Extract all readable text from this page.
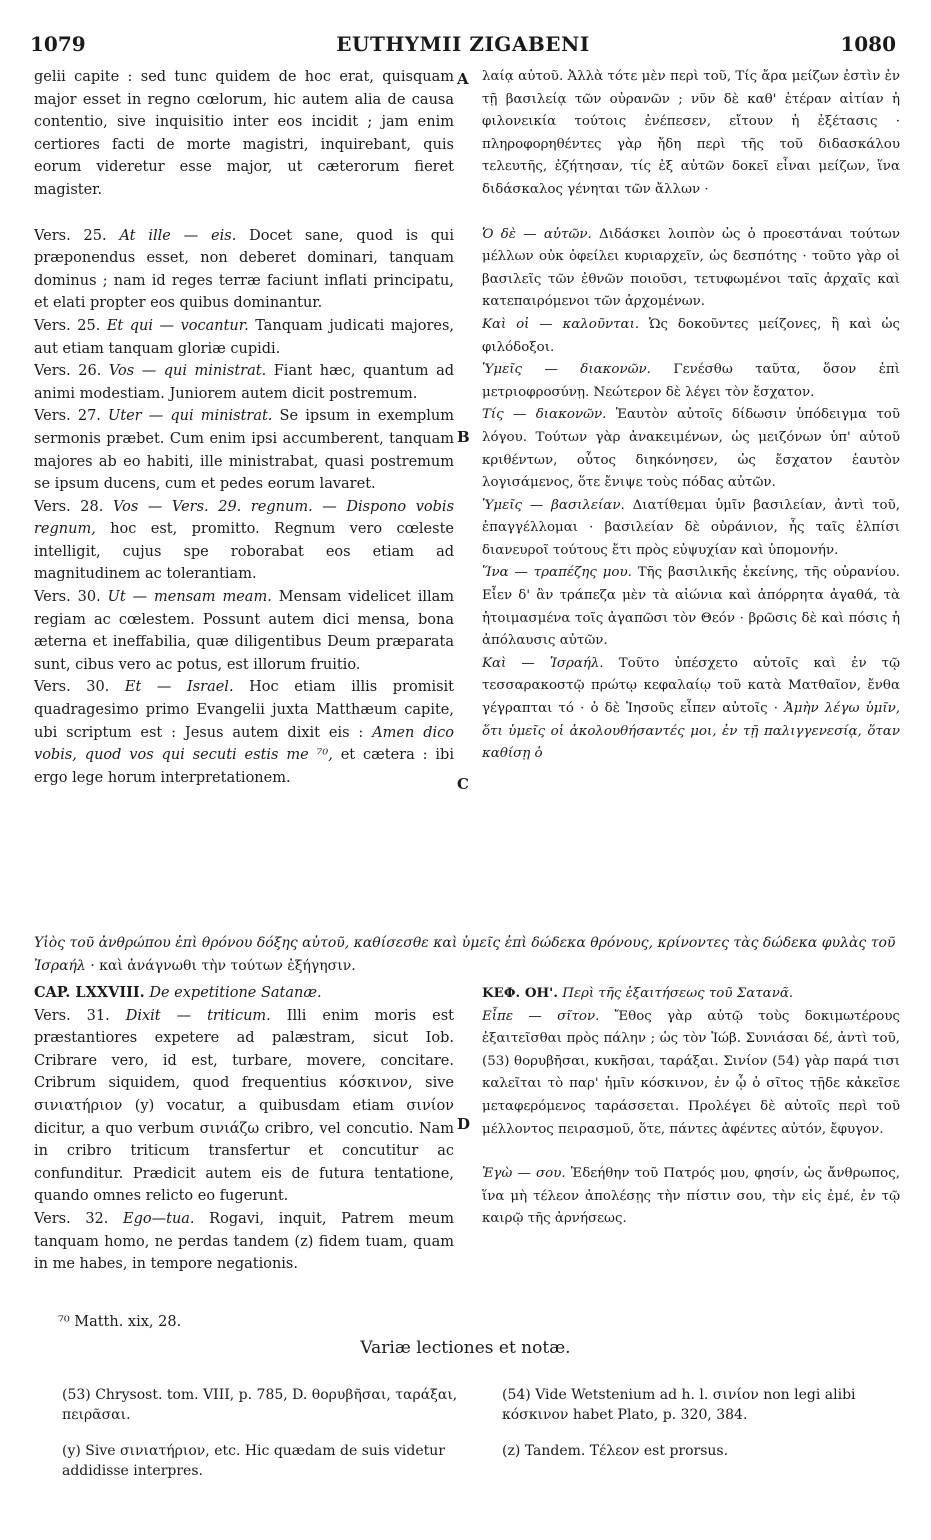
1079	EUTHYMII ZIGABENI	1080
A
B
C
D

gelii capite : sed tunc quidem de hoc erat, quisquam major esset in regno cœlorum, hic autem alia de causa contentio, sive inquisitio inter eos incidit ; jam enim certiores facti de morte magistri, inquirebant, quis eorum videretur esse major, ut cæterorum fieret magister.

Vers. 25. At ille — eis. Docet sane, quod is qui præponendus esset, non deberet dominari, tanquam dominus ; nam id reges terræ faciunt inflati principatu, et elati propter eos quibus dominantur.

Vers. 25. Et qui — vocantur. Tanquam judicati majores, aut etiam tanquam gloriæ cupidi.

Vers. 26. Vos — qui ministrat. Fiant hæc, quantum ad animi modestiam. Juniorem autem dicit postremum.

Vers. 27. Uter — qui ministrat. Se ipsum in exemplum sermonis præbet. Cum enim ipsi accumberent, tanquam majores ab eo habiti, ille ministrabat, quasi postremum se ipsum ducens, cum et pedes eorum lavaret.

Vers. 28. Vos — Vers. 29. regnum. — Dispono vobis regnum, hoc est, promitto. Regnum vero cœleste intelligit, cujus spe roborabat eos etiam ad magnitudinem ac tolerantiam.

Vers. 30. Ut — mensam meam. Mensam videlicet illam regiam ac cœlestem. Possunt autem dici mensa, bona æterna et ineffabilia, quæ diligentibus Deum præparata sunt, cibus vero ac potus, est illorum fruitio.

Vers. 30. Et — Israel. Hoc etiam illis promisit quadragesimo primo Evangelii juxta Matthæum capite, ubi scriptum est : Jesus autem dixit eis : Amen dico vobis, quod vos qui secuti estis me ⁷⁰, et cætera : ibi ergo lege horum interpretationem.

λαίᾳ αὐτοῦ. Ἀλλὰ τότε μὲν περὶ τοῦ, Τίς ἄρα μείζων ἐστὶν ἐν τῇ βασιλείᾳ τῶν οὐρανῶν ; νῦν δὲ καθ' ἑτέραν αἰτίαν ἡ φιλονεικία τούτοις ἐνέπεσεν, εἴτουν ἡ ἐξέτασις · πληροφορηθέντες γὰρ ἤδη περὶ τῆς τοῦ διδασκάλου τελευτῆς, ἐζήτησαν, τίς ἐξ αὐτῶν δοκεῖ εἶναι μείζων, ἵνα διδάσκαλος γένηται τῶν ἄλλων ·

Ὁ δὲ — αὐτῶν. Διδάσκει λοιπὸν ὡς ὁ προεστάναι τούτων μέλλων οὐκ ὀφείλει κυριαρχεῖν, ὡς δεσπότης · τοῦτο γὰρ οἱ βασιλεῖς τῶν ἐθνῶν ποιοῦσι, τετυφωμένοι ταῖς ἀρχαῖς καὶ κατεπαιρόμενοι τῶν ἀρχομένων.

Καὶ οἱ — καλοῦνται. Ὡς δοκοῦντες μείζονες, ἢ καὶ ὡς φιλόδοξοι.

Ὑμεῖς — διακονῶν. Γενέσθω ταῦτα, ὅσον ἐπὶ μετριοφροσύνῃ. Νεώτερον δὲ λέγει τὸν ἔσχατον.

Τίς — διακονῶν. Ἑαυτὸν αὐτοῖς δίδωσιν ὑπόδειγμα τοῦ λόγου. Τούτων γὰρ ἀνακειμένων, ὡς μειζόνων ὑπ' αὐτοῦ κριθέντων, οὗτος διηκόνησεν, ὡς ἔσχατον ἑαυτὸν λογισάμενος, ὅτε ἔνιψε τοὺς πόδας αὐτῶν.

Ὑμεῖς — βασιλείαν. Διατίθεμαι ὑμῖν βασιλείαν, ἀντὶ τοῦ, ἐπαγγέλλομαι · βασιλείαν δὲ οὐράνιον, ἧς ταῖς ἐλπίσι διανευροῖ τούτους ἔτι πρὸς εὐψυχίαν καὶ ὑπομονήν.

Ἵνα — τραπέζης μου. Τῆς βασιλικῆς ἐκείνης, τῆς οὐρανίου. Εἶεν δ' ἂν τράπεζα μὲν τὰ αἰώνια καὶ ἀπόρρητα ἀγαθά, τὰ ἡτοιμασμένα τοῖς ἀγαπῶσι τὸν Θεόν · βρῶσις δὲ καὶ πόσις ἡ ἀπόλαυσις αὐτῶν.

Καὶ — Ἰσραήλ. Τοῦτο ὑπέσχετο αὐτοῖς καὶ ἐν τῷ τεσσαρακοστῷ πρώτῳ κεφαλαίῳ τοῦ κατὰ Ματθαῖον, ἔνθα γέγραπται τό · ὁ δὲ Ἰησοῦς εἶπεν αὐτοῖς · Ἀμὴν λέγω ὑμῖν, ὅτι ὑμεῖς οἱ ἀκολουθήσαντές μοι, ἐν τῇ παλιγγενεσίᾳ, ὅταν καθίσῃ ὁ

Υἱὸς τοῦ ἀνθρώπου ἐπὶ θρόνου δόξης αὐτοῦ, καθίσεσθε καὶ ὑμεῖς ἐπὶ δώδεκα θρόνους, κρίνοντες τὰς δώδεκα φυλὰς τοῦ Ἰσραήλ · καὶ ἀνάγνωθι τὴν τούτων ἐξήγησιν.

CAP. LXXVIII. De expetitione Satanæ.

Vers. 31. Dixit — triticum. Illi enim moris est præstantiores expetere ad palæstram, sicut Iob. Cribrare vero, id est, turbare, movere, concitare. Cribrum siquidem, quod frequentius κόσκινον, sive σινιατήριον (y) vocatur, a quibusdam etiam σινίον dicitur, a quo verbum σινιάζω cribro, vel concutio. Nam in cribro triticum transfertur et concutitur ac confunditur. Prædicit autem eis de futura tentatione, quando omnes relicto eo fugerunt.

Vers. 32. Ego—tua. Rogavi, inquit, Patrem meum tanquam homo, ne perdas tandem (z) fidem tuam, quam in me habes, in tempore negationis.

ΚΕΦ. ΟΗ'. Περὶ τῆς ἐξαιτήσεως τοῦ Σατανᾶ.

Εἶπε — σῖτον. Ἔθος γὰρ αὐτῷ τοὺς δοκιμωτέρους ἐξαιτεῖσθαι πρὸς πάλην ; ὡς τὸν Ἰώβ. Συνιάσαι δέ, ἀντὶ τοῦ, (53) θορυβῆσαι, κυκῆσαι, ταράξαι. Σινίον (54) γὰρ παρά τισι καλεῖται τὸ παρ' ἡμῖν κόσκινον, ἐν ᾧ ὁ σῖτος τῇδε κἀκεῖσε μεταφερόμενος ταράσσεται. Προλέγει δὲ αὐτοῖς περὶ τοῦ μέλλοντος πειρασμοῦ, ὅτε, πάντες ἀφέντες αὐτόν, ἔφυγον.

Ἐγὼ — σου. Ἐδεήθην τοῦ Πατρός μου, φησίν, ὡς ἄνθρωπος, ἵνα μὴ τέλεον ἀπολέσῃς τὴν πίστιν σου, τὴν εἰς ἐμέ, ἐν τῷ καιρῷ τῆς ἀρνήσεως.

⁷⁰ Matth. xix, 28.
Variæ lectiones et notæ.
(53) Chrysost. tom. VIII, p. 785, D. θορυβῆσαι, ταράξαι, πειρᾶσαι.
(54) Vide Wetstenium ad h. l. σινίον non legi alibi κόσκινον habet Plato, p. 320, 384.
(y) Sive σινιατήριον, etc. Hic quædam de suis videtur addidisse interpres.
(z) Tandem. Τέλεον est prorsus.
